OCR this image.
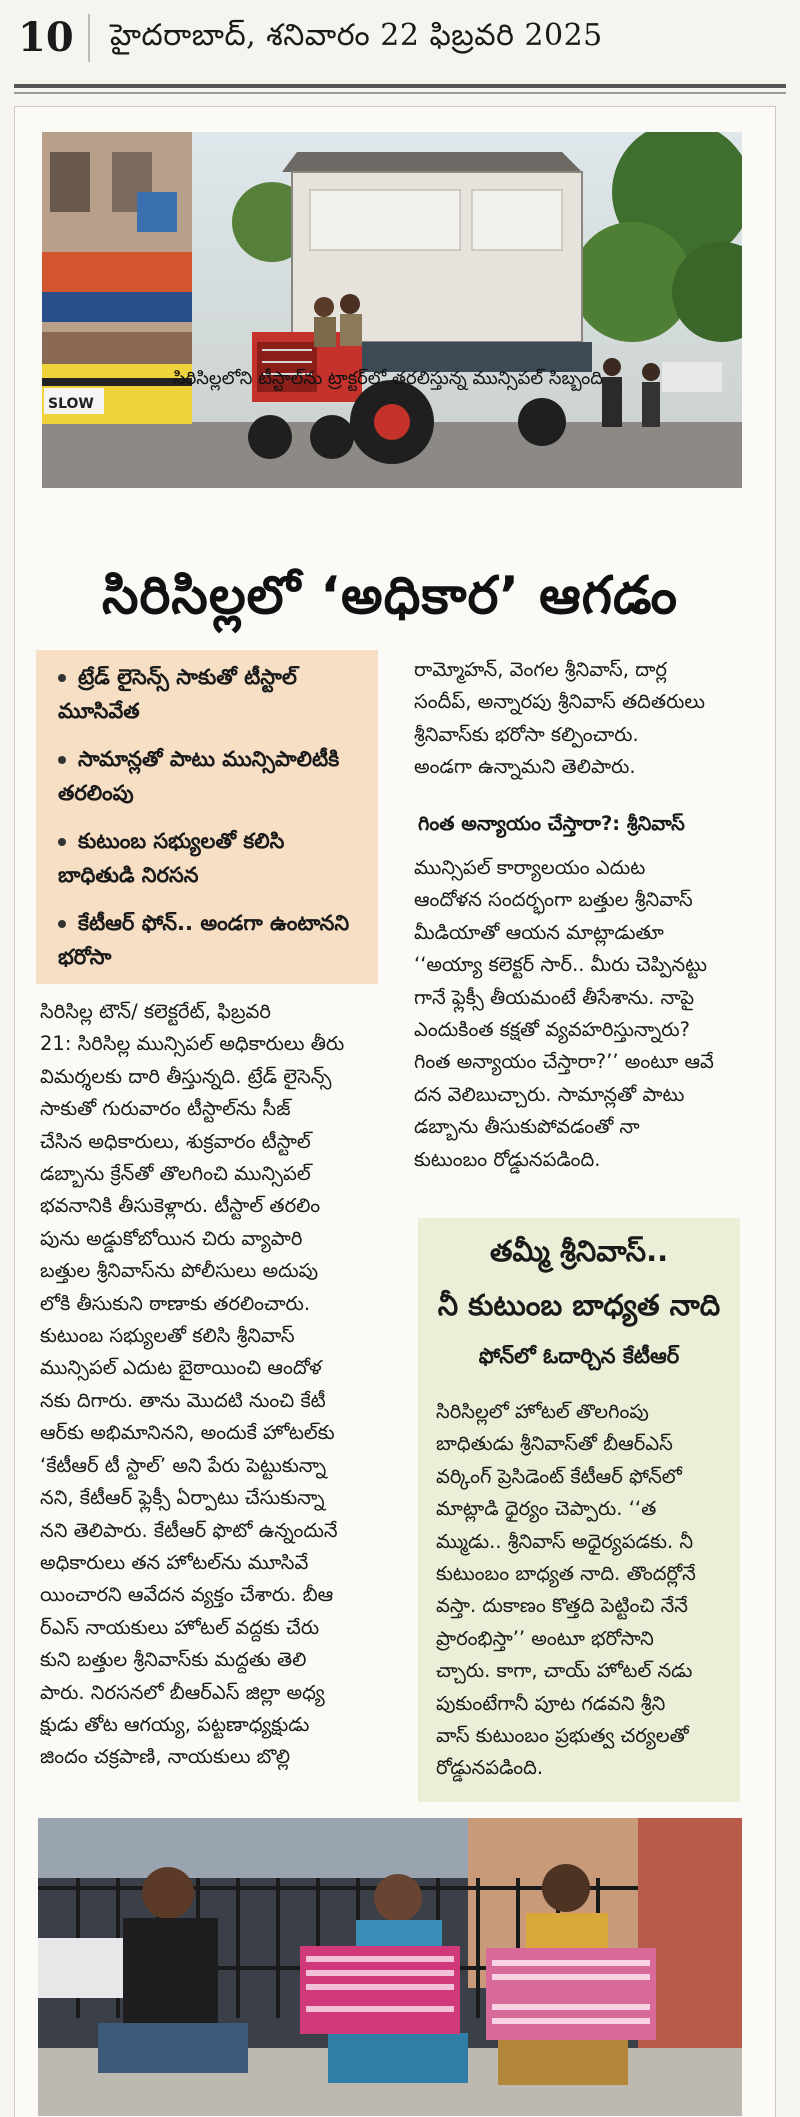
10 హైదరాబాద్, శనివారం 22 ఫిబ్రవరి 2025
SLOW
సిరిసిల్లలోని టీస్టాల్‌ను ట్రాక్టర్‌లో తరలిస్తున్న మున్సిపల్ సిబ్బంది
సిరిసిల్లలో ‘అధికార’ ఆగడం
ట్రేడ్ లైసెన్స్ సాకుతో టీస్టాల్ మూసివేత
సామాన్లతో పాటు మున్సిపాలిటీకి తరలింపు
కుటుంబ సభ్యులతో కలిసి బాధితుడి నిరసన
కేటీఆర్ ఫోన్.. అండగా ఉంటానని భరోసా
సిరిసిల్ల టౌన్/ కలెక్టరేట్, ఫిబ్రవరి
21: సిరిసిల్ల మున్సిపల్ అధికారులు తీరు
విమర్శలకు దారి తీస్తున్నది. ట్రేడ్ లైసెన్స్
సాకుతో గురువారం టీస్టాల్‌ను సీజ్
చేసిన అధికారులు, శుక్రవారం టీస్టాల్
డబ్బాను క్రేన్‌తో తొలగించి మున్సిపల్
భవనానికి తీసుకెళ్లారు. టీస్టాల్ తరలిం
పును అడ్డుకోబోయిన చిరు వ్యాపారి
బత్తుల శ్రీనివాస్‌ను పోలీసులు అదుపు
లోకి తీసుకుని ఠాణాకు తరలించారు.
కుటుంబ సభ్యులతో కలిసి శ్రీనివాస్
మున్సిపల్ ఎదుట బైఠాయించి ఆందోళ
నకు దిగారు. తాను మొదటి నుంచి కేటీ
ఆర్‌కు అభిమానినని, అందుకే హోటల్‌కు
‘కేటీఆర్ టీ స్టాల్’ అని పేరు పెట్టుకున్నా
నని, కేటీఆర్ ఫ్లెక్సీ ఏర్పాటు చేసుకున్నా
నని తెలిపారు. కేటీఆర్ ఫొటో ఉన్నందునే
అధికారులు తన హోటల్‌ను మూసివే
యించారని ఆవేదన వ్యక్తం చేశారు. బీఆ
ర్‌ఎస్ నాయకులు హోటల్ వద్దకు చేరు
కుని బత్తుల శ్రీనివాస్‌కు మద్దతు తెలి
పారు. నిరసనలో బీఆర్‌ఎస్ జిల్లా అధ్య
క్షుడు తోట ఆగయ్య, పట్టణాధ్యక్షుడు
జిందం చక్రపాణి, నాయకులు బొల్లి
రామ్మోహన్, వెంగల శ్రీనివాస్, దార్ల
సందీప్, అన్నారపు శ్రీనివాస్ తదితరులు
శ్రీనివాస్‌కు భరోసా కల్పించారు.
అండగా ఉన్నామని తెలిపారు.
గింత అన్యాయం చేస్తారా?: శ్రీనివాస్
మున్సిపల్ కార్యాలయం ఎదుట
ఆందోళన సందర్భంగా బత్తుల శ్రీనివాస్
మీడియాతో ఆయన మాట్లాడుతూ
‘‘అయ్యా కలెక్టర్ సార్.. మీరు చెప్పినట్టు
గానే ఫ్లెక్సీ తీయమంటే తీసేశాను. నాపై
ఎందుకింత కక్షతో వ్యవహరిస్తున్నారు?
గింత అన్యాయం చేస్తారా?’’ అంటూ ఆవే
దన వెలిబుచ్చారు. సామాన్లతో పాటు
డబ్బాను తీసుకుపోవడంతో నా
కుటుంబం రోడ్డునపడింది.
తమ్మీ శ్రీనివాస్..
నీ కుటుంబ బాధ్యత నాది
ఫోన్‌లో ఓదార్చిన కేటీఆర్
సిరిసిల్లలో హోటల్ తొలగింపు
బాధితుడు శ్రీనివాస్‌తో బీఆర్‌ఎస్
వర్కింగ్ ప్రెసిడెంట్ కేటీఆర్ ఫోన్‌లో
మాట్లాడి ధైర్యం చెప్పారు. ‘‘త
మ్ముడు.. శ్రీనివాస్ అధైర్యపడకు. నీ
కుటుంబం బాధ్యత నాది. తొందర్లోనే
వస్తా. దుకాణం కొత్తది పెట్టించి నేనే
ప్రారంభిస్తా’’ అంటూ భరోసాని
చ్చారు. కాగా, చాయ్ హోటల్ నడు
పుకుంటేగానీ పూట గడవని శ్రీని
వాస్ కుటుంబం ప్రభుత్వ చర్యలతో
రోడ్డునపడింది.
